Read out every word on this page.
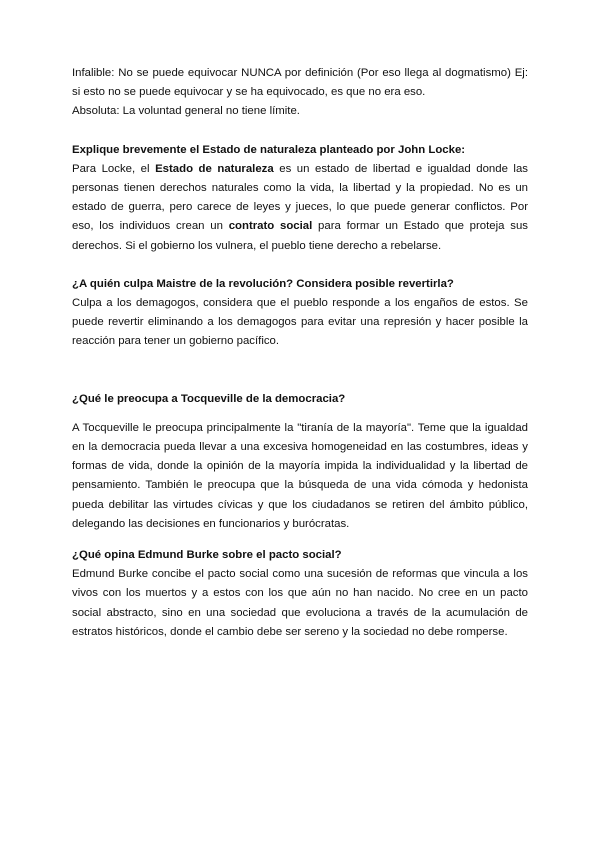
Infalible: No se puede equivocar NUNCA por definición (Por eso llega al dogmatismo) Ej: si esto no se puede equivocar y se ha equivocado, es que no era eso.

Absoluta: La voluntad general no tiene límite.

Explique brevemente el Estado de naturaleza planteado por John Locke:

Para Locke, el Estado de naturaleza es un estado de libertad e igualdad donde las personas tienen derechos naturales como la vida, la libertad y la propiedad. No es un estado de guerra, pero carece de leyes y jueces, lo que puede generar conflictos. Por eso, los individuos crean un contrato social para formar un Estado que proteja sus derechos. Si el gobierno los vulnera, el pueblo tiene derecho a rebelarse.

¿A quién culpa Maistre de la revolución? Considera posible revertirla?

Culpa a los demagogos, considera que el pueblo responde a los engaños de estos. Se puede revertir eliminando a los demagogos para evitar una represión y hacer posible la reacción para tener un gobierno pacífico.

¿Qué le preocupa a Tocqueville de la democracia?

A Tocqueville le preocupa principalmente la "tiranía de la mayoría". Teme que la igualdad en la democracia pueda llevar a una excesiva homogeneidad en las costumbres, ideas y formas de vida, donde la opinión de la mayoría impida la individualidad y la libertad de pensamiento. También le preocupa que la búsqueda de una vida cómoda y hedonista pueda debilitar las virtudes cívicas y que los ciudadanos se retiren del ámbito público, delegando las decisiones en funcionarios y burócratas.

¿Qué opina Edmund Burke sobre el pacto social?

Edmund Burke concibe el pacto social como una sucesión de reformas que vincula a los vivos con los muertos y a estos con los que aún no han nacido. No cree en un pacto social abstracto, sino en una sociedad que evoluciona a través de la acumulación de estratos históricos, donde el cambio debe ser sereno y la sociedad no debe romperse.
